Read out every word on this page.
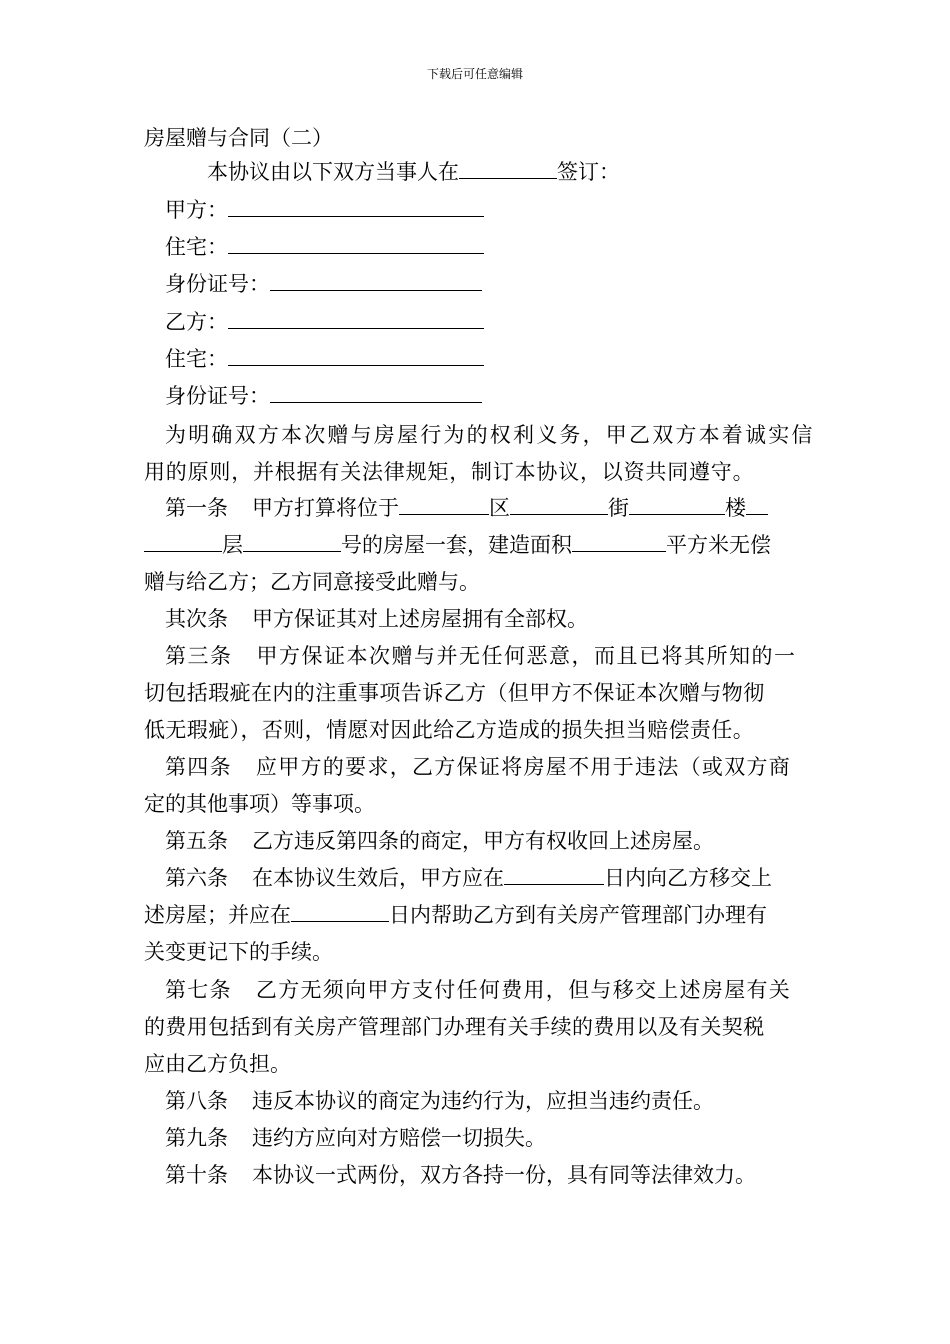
下载后可任意编辑
房屋赠与合同（二）
本协议由以下双方当事人在	签订：
甲方：
住宅：
身份证号：
乙方：
住宅：
身份证号：
为明确双方本次赠与房屋行为的权利义务，甲乙双方本着诚实信
用的原则，并根据有关法律规矩，制订本协议，以资共同遵守。
第一条 甲方打算将位于	区	街	楼
层	号的房屋一套，建造面积	平方米无偿
赠与给乙方；乙方同意接受此赠与。
其次条 甲方保证其对上述房屋拥有全部权。
第三条 甲方保证本次赠与并无任何恶意，而且已将其所知的一
切包括瑕疵在内的注重事项告诉乙方（但甲方不保证本次赠与物彻
低无瑕疵），否则，情愿对因此给乙方造成的损失担当赔偿责任。
第四条 应甲方的要求，乙方保证将房屋不用于违法（或双方商
定的其他事项）等事项。
第五条 乙方违反第四条的商定，甲方有权收回上述房屋。
第六条 在本协议生效后，甲方应在	日内向乙方移交上
述房屋；并应在	日内帮助乙方到有关房产管理部门办理有
关变更记下的手续。
第七条 乙方无须向甲方支付任何费用，但与移交上述房屋有关
的费用包括到有关房产管理部门办理有关手续的费用以及有关契税
应由乙方负担。
第八条 违反本协议的商定为违约行为，应担当违约责任。
第九条 违约方应向对方赔偿一切损失。
第十条 本协议一式两份，双方各持一份，具有同等法律效力。
